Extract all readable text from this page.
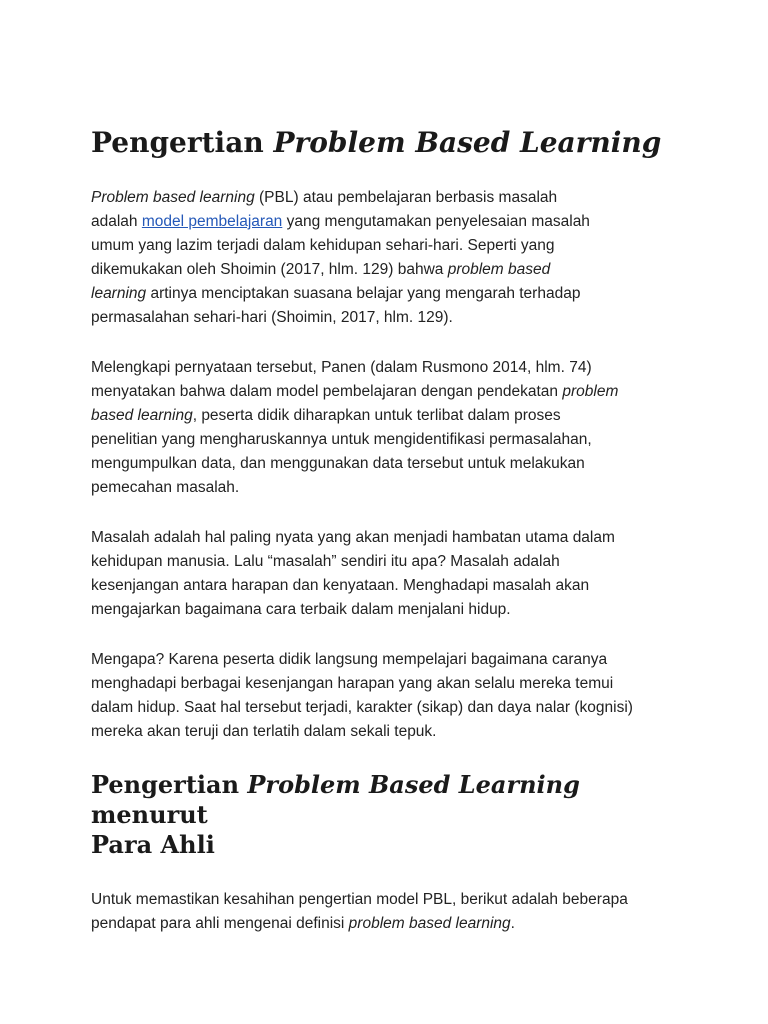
Pengertian Problem Based Learning

Problem based learning (PBL) atau pembelajaran berbasis masalah
adalah model pembelajaran yang mengutamakan penyelesaian masalah
umum yang lazim terjadi dalam kehidupan sehari-hari. Seperti yang
dikemukakan oleh Shoimin (2017, hlm. 129) bahwa problem based
learning artinya menciptakan suasana belajar yang mengarah terhadap
permasalahan sehari-hari (Shoimin, 2017, hlm. 129).

Melengkapi pernyataan tersebut, Panen (dalam Rusmono 2014, hlm. 74)
menyatakan bahwa dalam model pembelajaran dengan pendekatan problem
based learning, peserta didik diharapkan untuk terlibat dalam proses
penelitian yang mengharuskannya untuk mengidentifikasi permasalahan,
mengumpulkan data, dan menggunakan data tersebut untuk melakukan
pemecahan masalah.

Masalah adalah hal paling nyata yang akan menjadi hambatan utama dalam
kehidupan manusia. Lalu “masalah” sendiri itu apa? Masalah adalah
kesenjangan antara harapan dan kenyataan. Menghadapi masalah akan
mengajarkan bagaimana cara terbaik dalam menjalani hidup.

Mengapa? Karena peserta didik langsung mempelajari bagaimana caranya
menghadapi berbagai kesenjangan harapan yang akan selalu mereka temui
dalam hidup. Saat hal tersebut terjadi, karakter (sikap) dan daya nalar (kognisi)
mereka akan teruji dan terlatih dalam sekali tepuk.

Pengertian Problem Based Learning menurut
Para Ahli

Untuk memastikan kesahihan pengertian model PBL, berikut adalah beberapa
pendapat para ahli mengenai definisi problem based learning.
